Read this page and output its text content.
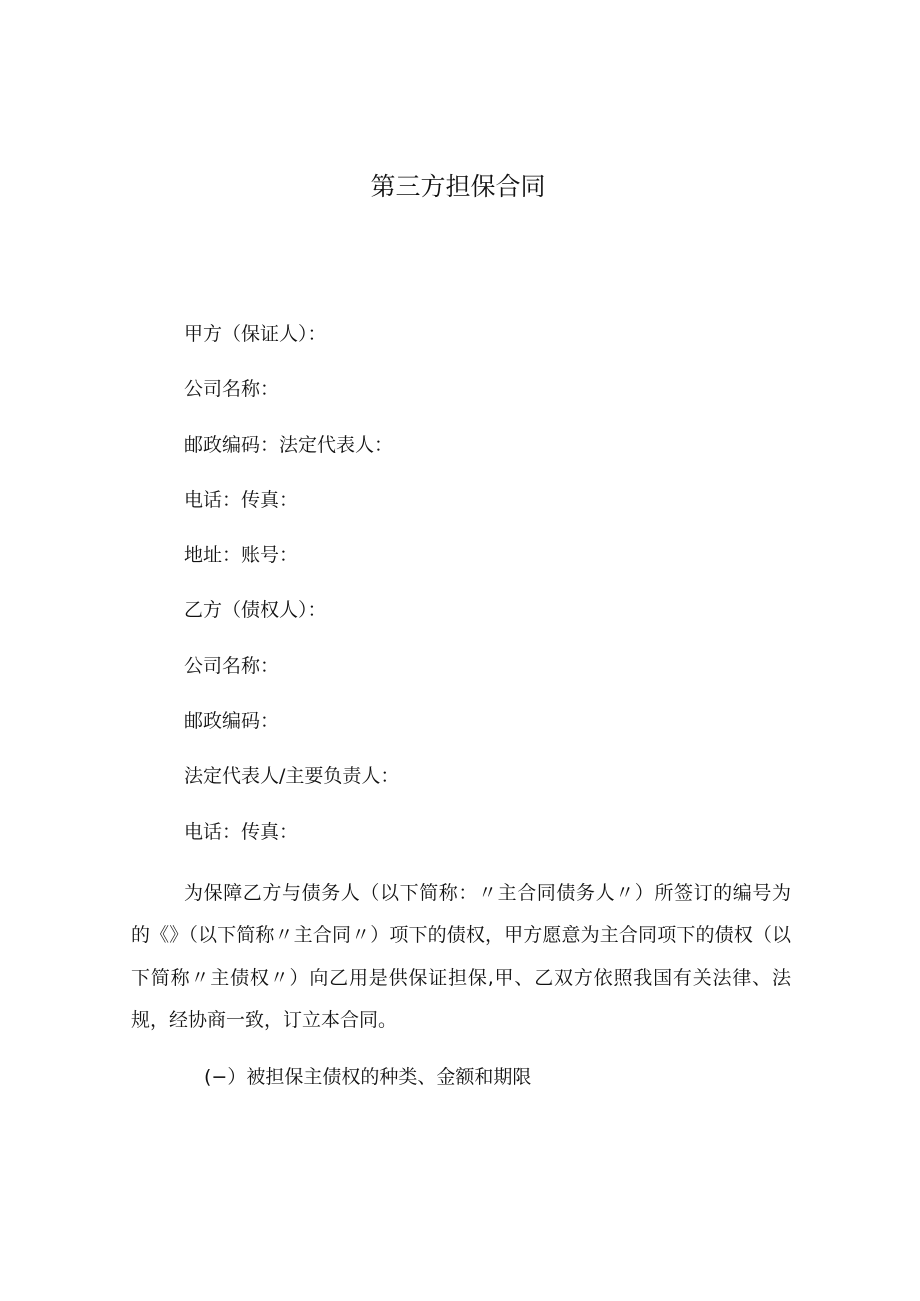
第三方担保合同
甲方（保证人）：
公司名称：
邮政编码：法定代表人：
电话：传真：
地址：账号：
乙方（债权人）：
公司名称：
邮政编码：
法定代表人/主要负责人：
电话：传真：

为保障乙方与债务人（以下简称：〃主合同债务人〃）所签订的编号为的《》（以下简称〃主合同〃）项下的债权，甲方愿意为主合同项下的债权（以下简称〃主债权〃）向乙用是供保证担保,甲、乙双方依照我国有关法律、法规，经协商一致，订立本合同。

(−）被担保主债权的种类、金额和期限
